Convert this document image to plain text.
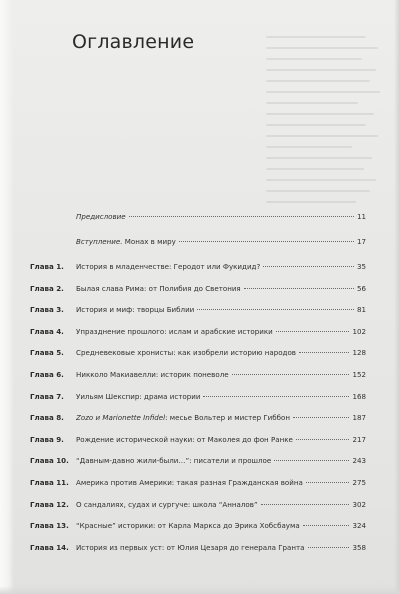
Оглавление
Предисловие	11
Вступление. Монах в миру	17
Глава 1.	История в младенчестве: Геродот или Фукидид?	35
Глава 2.	Былая слава Рима: от Полибия до Светония	56
Глава 3.	История и миф: творцы Библии	81
Глава 4.	Упразднение прошлого: ислам и арабские историки	102
Глава 5.	Средневековые хронисты: как изобрели историю народов	128
Глава 6.	Никколо Макиавелли: историк поневоле	152
Глава 7.	Уильям Шекспир: драма истории	168
Глава 8.	Zozo и Marionette Infidel: месье Вольтер и мистер Гиббон	187
Глава 9.	Рождение исторической науки: от Маколея до фон Ранке	217
Глава 10.	“Давным-давно жили-были…”: писатели и прошлое	243
Глава 11.	Америка против Америки: такая разная Гражданская война	275
Глава 12.	О сандалиях, судах и сургуче: школа “Анналов”	302
Глава 13.	“Красные” историки: от Карла Маркса до Эрика Хобсбаума	324
Глава 14.	История из первых уст: от Юлия Цезаря до генерала Гранта	358
